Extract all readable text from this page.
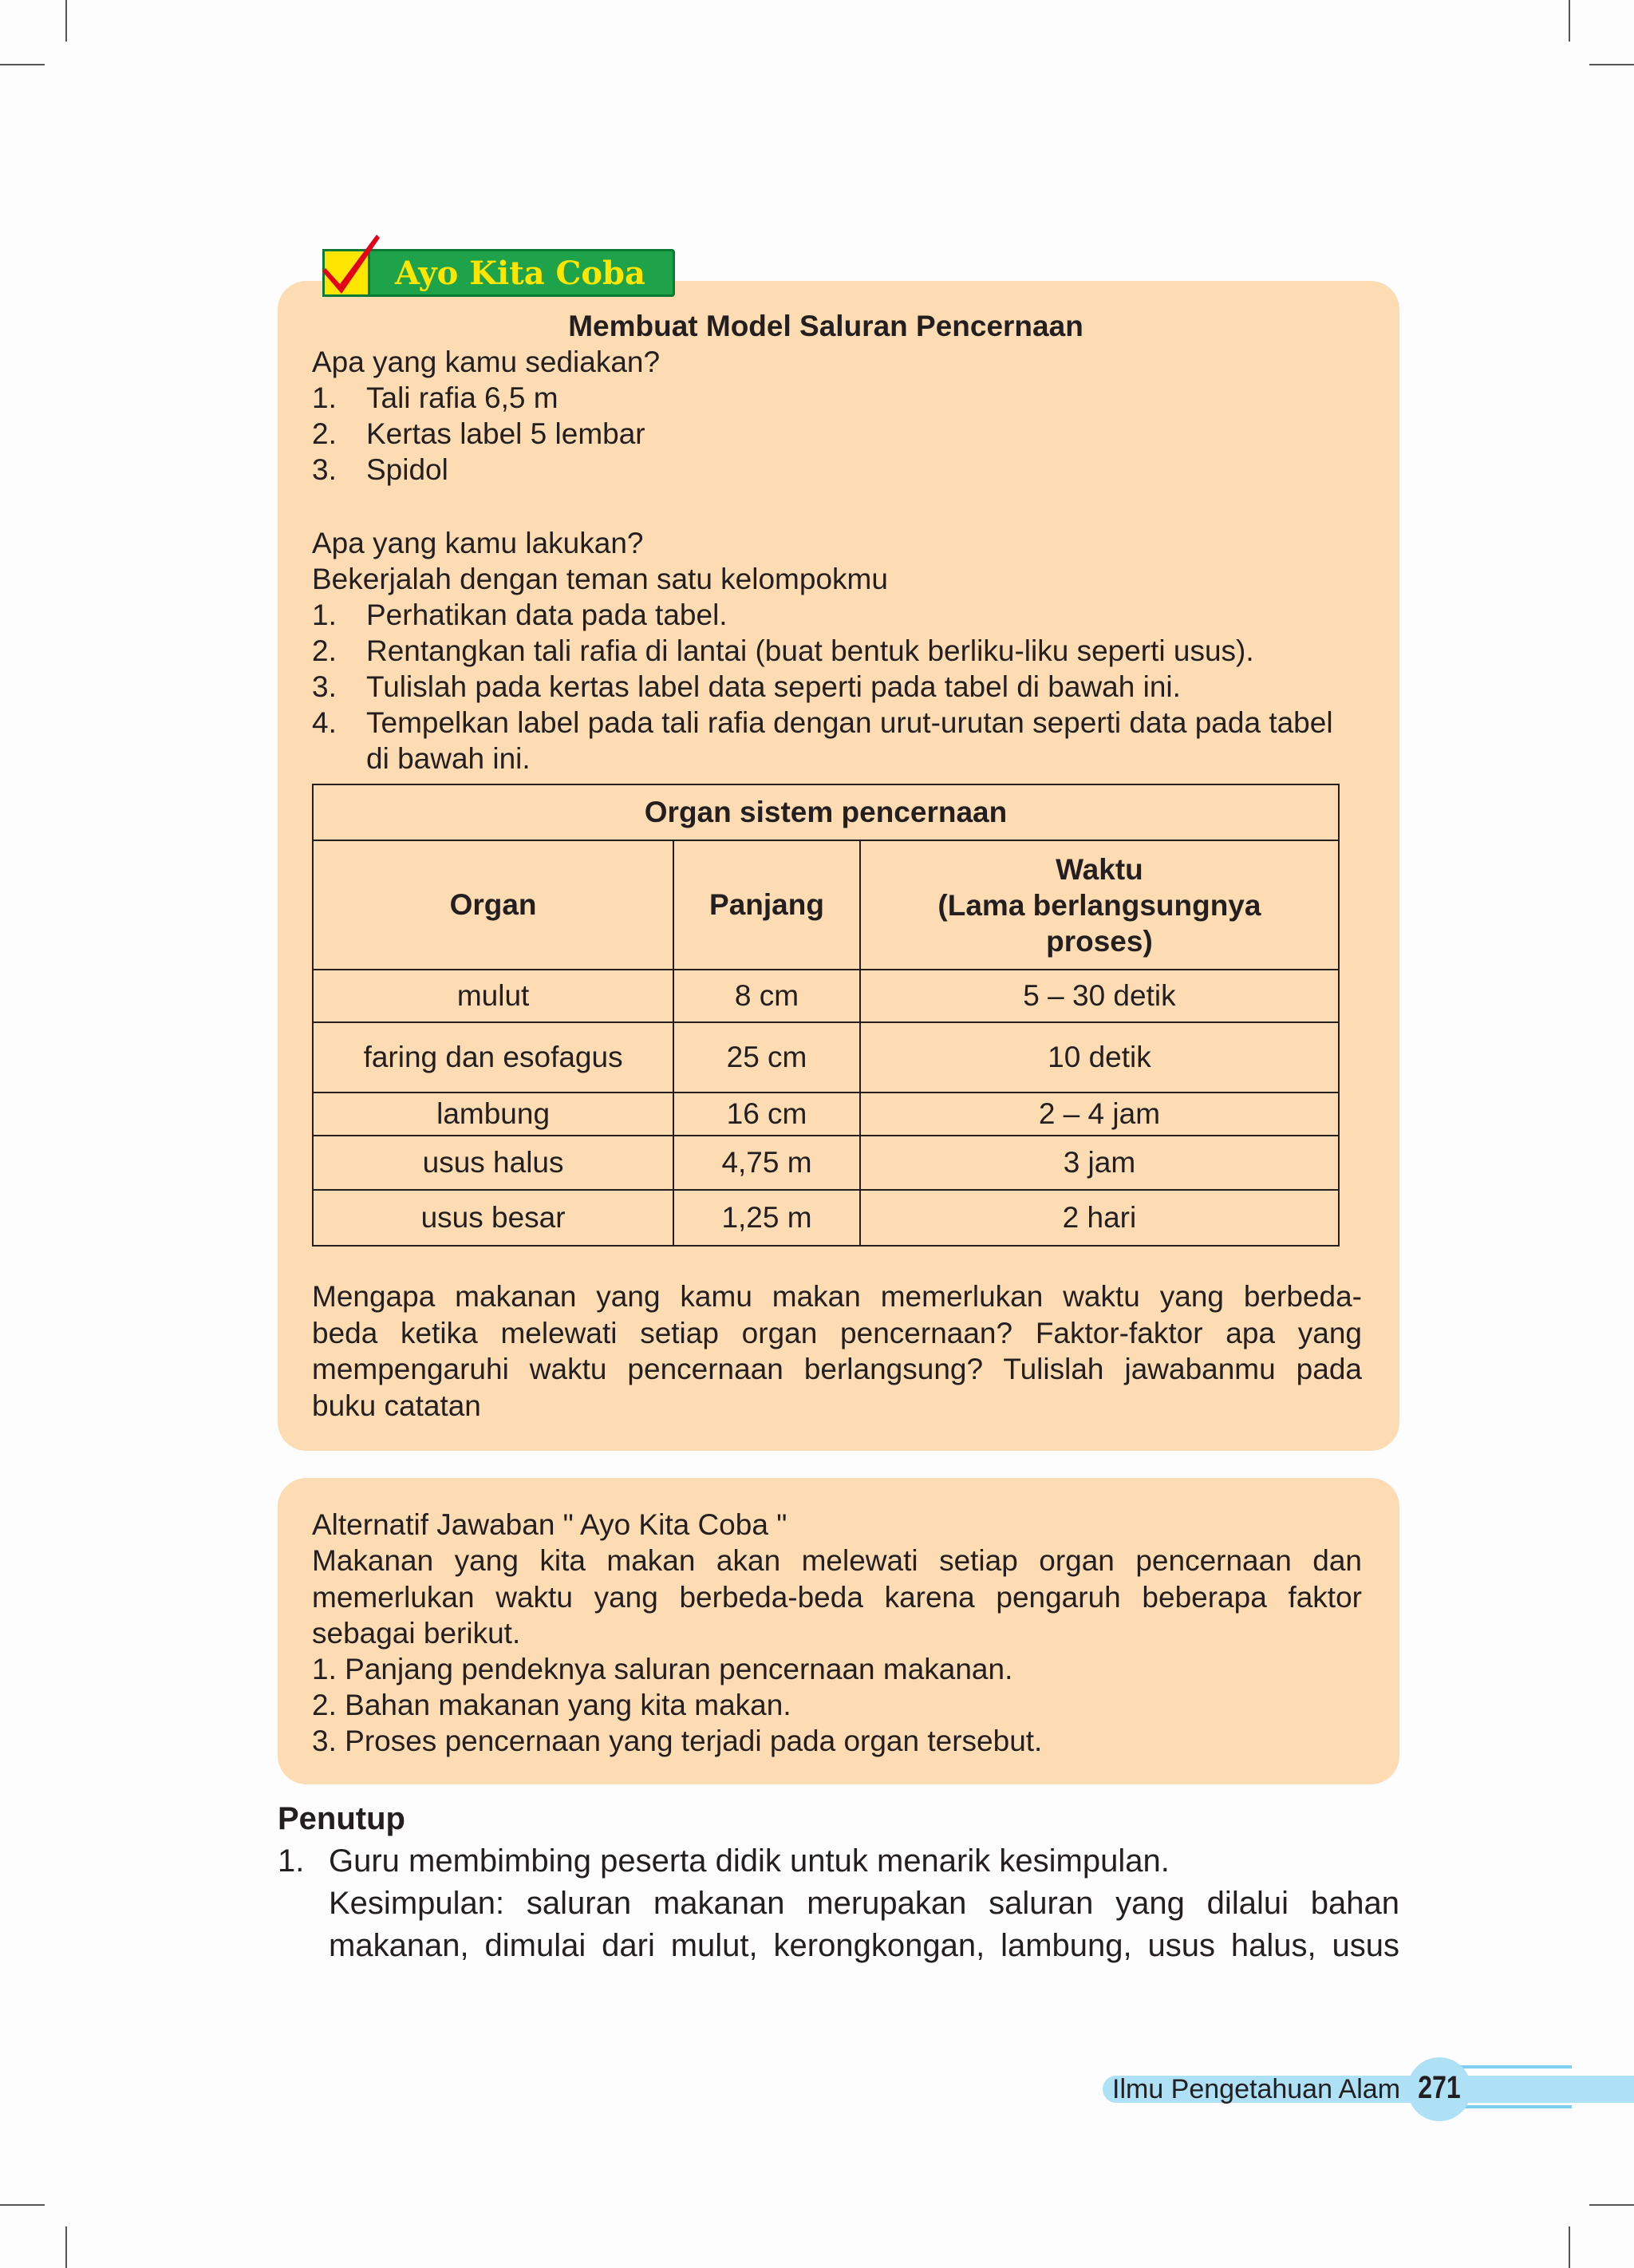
Ayo Kita Coba
Membuat Model Saluran Pencernaan
Apa yang kamu sediakan?
1. Tali rafia 6,5 m
2. Kertas label 5 lembar
3. Spidol
Apa yang kamu lakukan?
Bekerjalah dengan teman satu kelompokmu
1. Perhatikan data pada tabel.
2. Rentangkan tali rafia di lantai (buat bentuk berliku-liku seperti usus).
3. Tulislah pada kertas label data seperti pada tabel di bawah ini.
4. Tempelkan label pada tali rafia dengan urut-urutan seperti data pada tabel
di bawah ini.
Organ sistem pencernaan		
Organ	Panjang	Waktu
(Lama berlangsungnya
proses)
mulut	8 cm	5 – 30 detik
faring dan esofagus	25 cm	10 detik
lambung	16 cm	2 – 4 jam
usus halus	4,75 m	3 jam
usus besar	1,25 m	2 hari
Mengapa makanan yang kamu makan memerlukan waktu yang berbeda-
beda ketika melewati setiap organ pencernaan? Faktor-faktor apa yang
mempengaruhi waktu pencernaan berlangsung? Tulislah jawabanmu pada
buku catatan
Alternatif Jawaban " Ayo Kita Coba "
Makanan yang kita makan akan melewati setiap organ pencernaan dan
memerlukan waktu yang berbeda-beda karena pengaruh beberapa faktor
sebagai berikut.
1. Panjang pendeknya saluran pencernaan makanan.
2. Bahan makanan yang kita makan.
3. Proses pencernaan yang terjadi pada organ tersebut.
Penutup
1. Guru membimbing peserta didik untuk menarik kesimpulan.
Kesimpulan: saluran makanan merupakan saluran yang dilalui bahan
makanan, dimulai dari mulut, kerongkongan, lambung, usus halus, usus
Ilmu Pengetahuan Alam 271
